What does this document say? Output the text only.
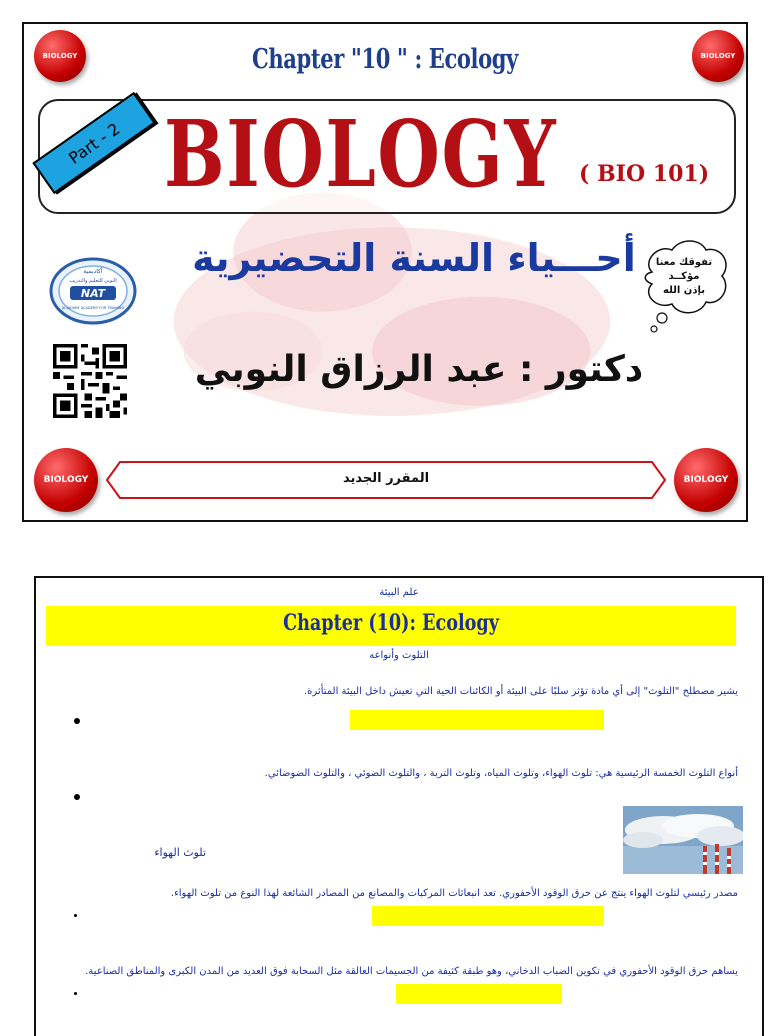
BIOLOGY	BIOLOGY
Chapter "10 " : Ecology
BIOLOGY ( BIO 101)
Part - 2
أحـــياء السنة التحضيرية	تفوقك معنا
مؤكــد
بإذن الله
أكاديمية
النوبي للتعليم والتدريب
NAT
AL-NOUBY ACADEMY FOR TRAINING
دكتور : عبد الرزاق النوبي
المقرر الجديد
BIOLOGY	BIOLOGY
علم البيئة
Chapter (10): Ecology
التلوث وأنواعه
يشير مصطلح "التلوث" إلى أي مادة تؤثر سلبًا على البيئة أو الكائنات الحية التي تعيش داخل البيئة المتأثرة.
أنواع التلوث الخمسة الرئيسية هي: تلوث الهواء، وتلوث المياه، وتلوث التربة ، والتلوث الضوئي ، والتلوث الضوضائي.
تلوث الهواء
مصدر رئيسي لتلوث الهواء ينتج عن حرق الوقود الأحفوري. تعد انبعاثات المركبات والمصانع من المصادر الشائعة لهذا النوع من تلوث الهواء.
يساهم حرق الوقود الأحفوري في تكوين الضباب الدخاني، وهو طبقة كثيفة من الجسيمات العالقة مثل السحابة فوق العديد من المدن الكبرى والمناطق الصناعية.
